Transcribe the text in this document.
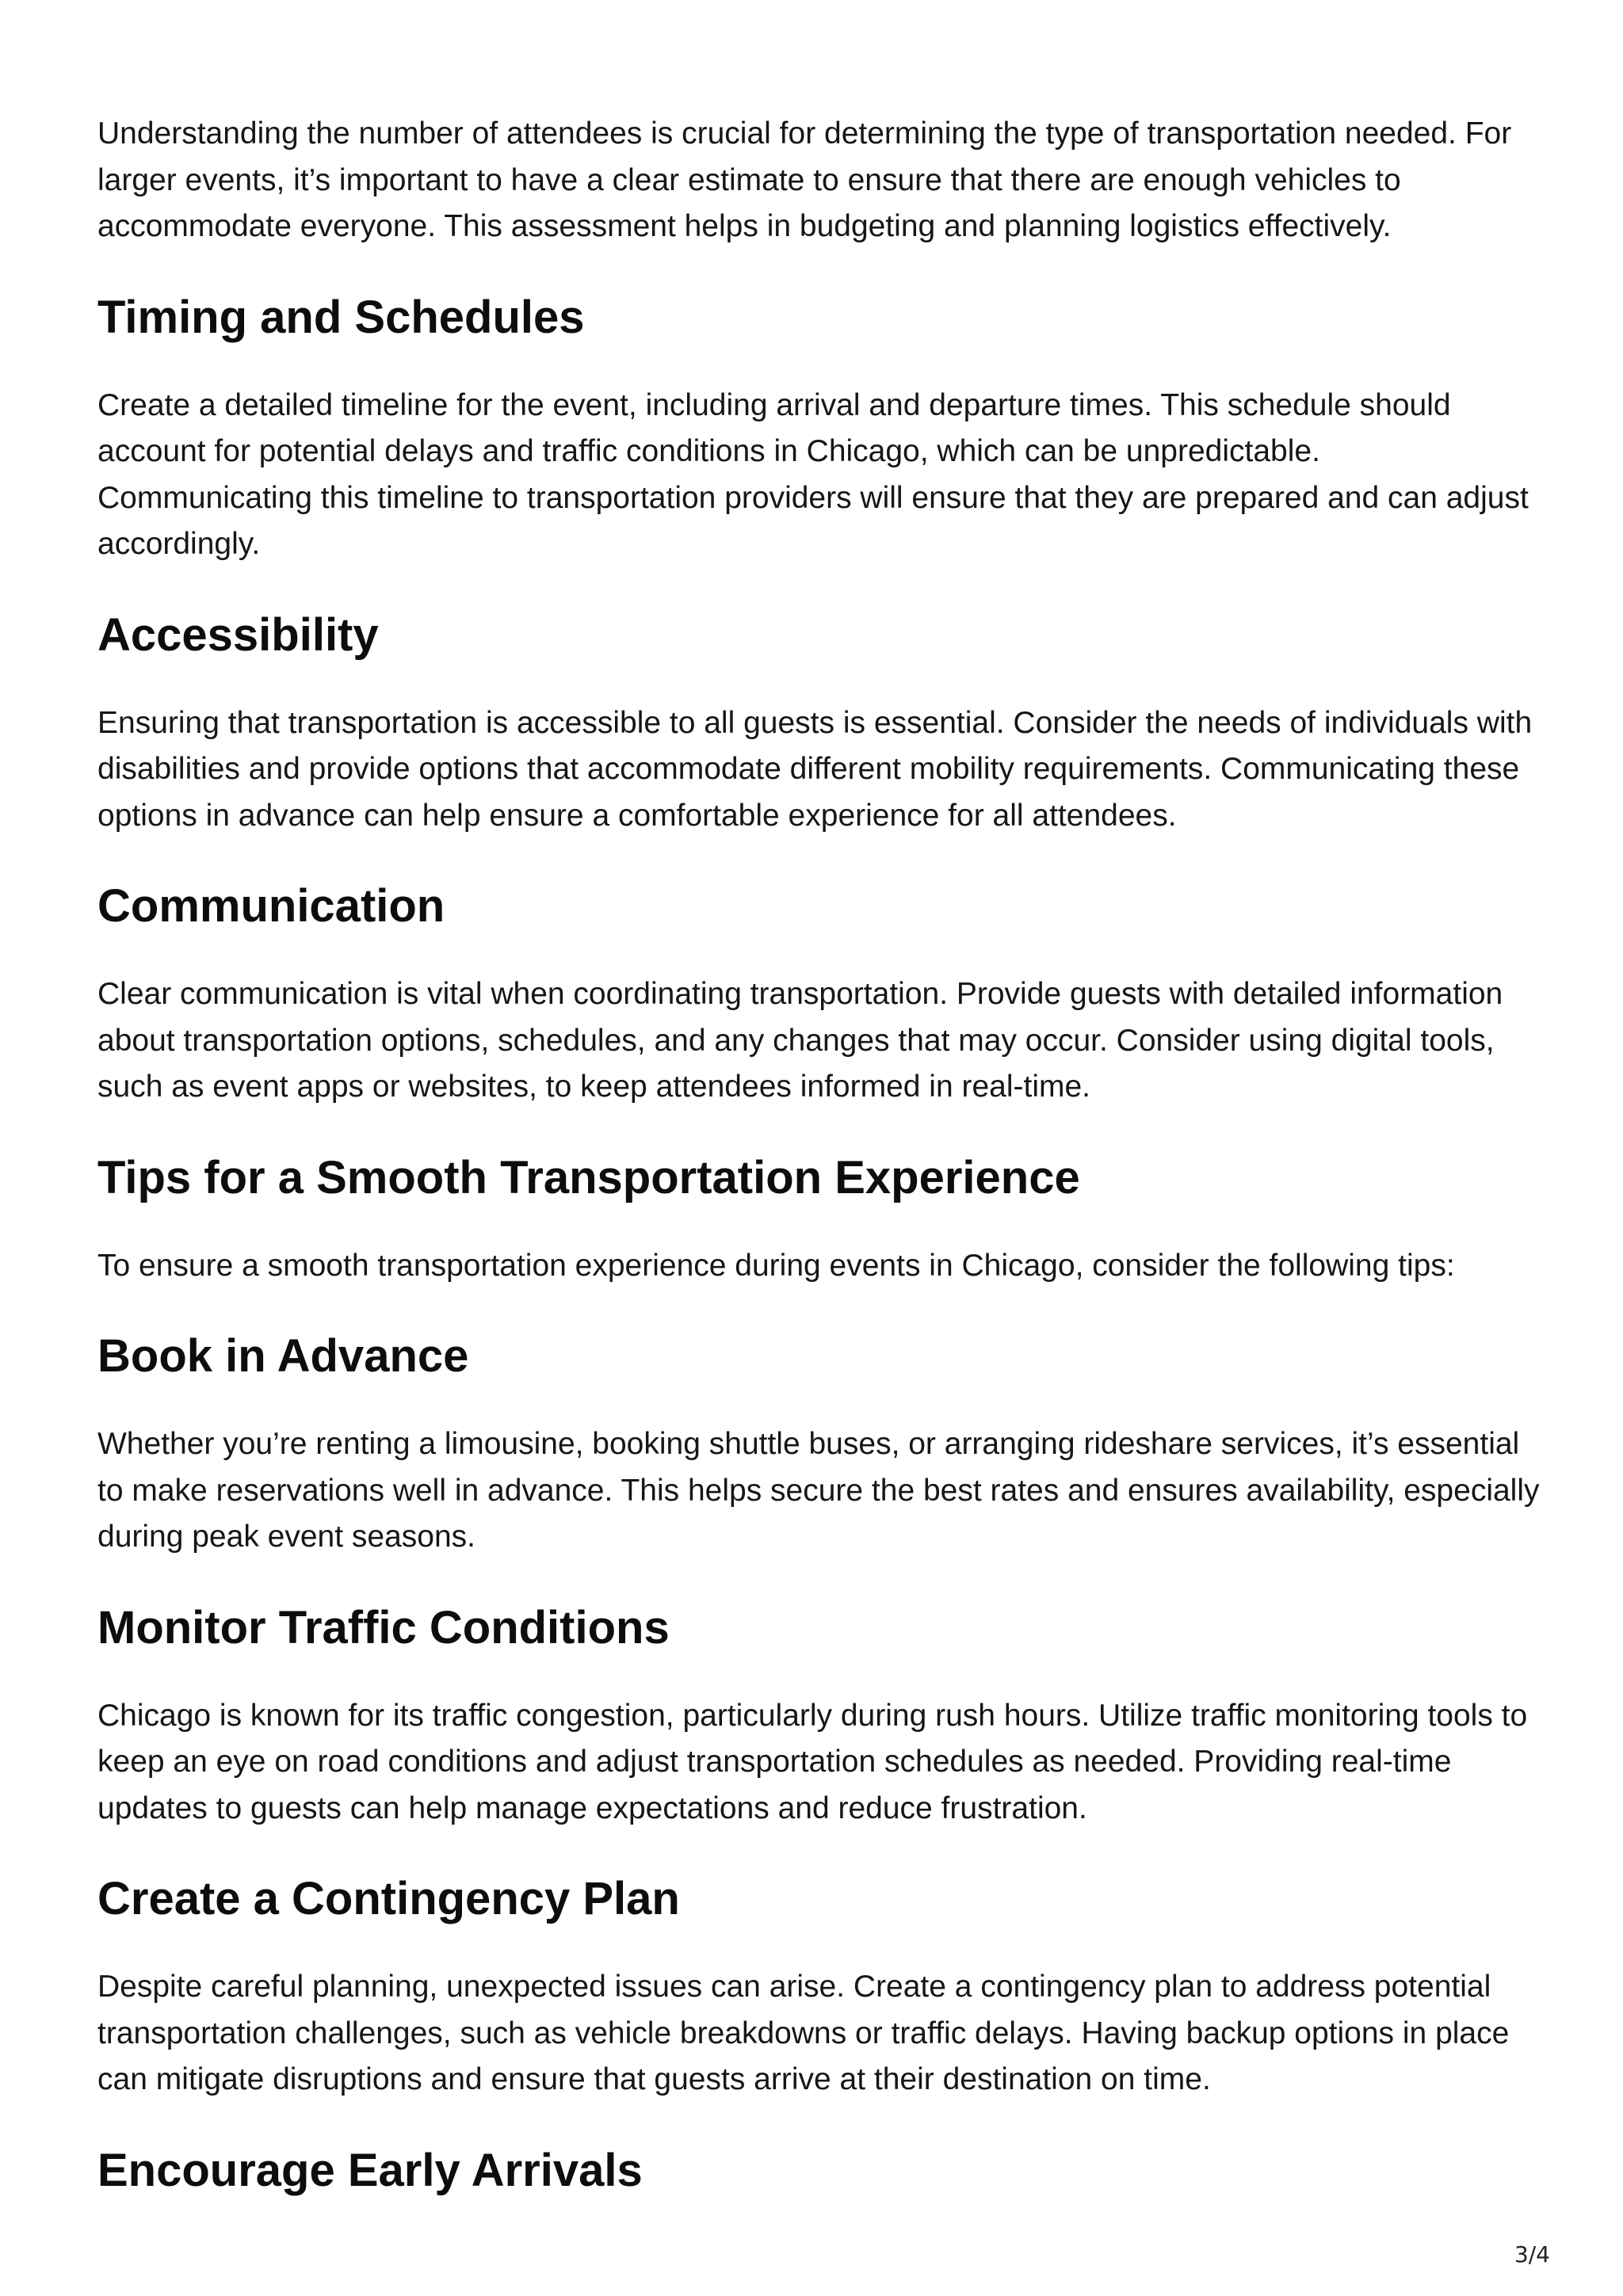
Understanding the number of attendees is crucial for determining the type of transportation needed. For larger events, it’s important to have a clear estimate to ensure that there are enough vehicles to accommodate everyone. This assessment helps in budgeting and planning logistics effectively.

Timing and Schedules

Create a detailed timeline for the event, including arrival and departure times. This schedule should account for potential delays and traffic conditions in Chicago, which can be unpredictable. Communicating this timeline to transportation providers will ensure that they are prepared and can adjust accordingly.

Accessibility

Ensuring that transportation is accessible to all guests is essential. Consider the needs of individuals with disabilities and provide options that accommodate different mobility requirements. Communicating these options in advance can help ensure a comfortable experience for all attendees.

Communication

Clear communication is vital when coordinating transportation. Provide guests with detailed information about transportation options, schedules, and any changes that may occur. Consider using digital tools, such as event apps or websites, to keep attendees informed in real-time.

Tips for a Smooth Transportation Experience

To ensure a smooth transportation experience during events in Chicago, consider the following tips:

Book in Advance

Whether you’re renting a limousine, booking shuttle buses, or arranging rideshare services, it’s essential to make reservations well in advance. This helps secure the best rates and ensures availability, especially during peak event seasons.

Monitor Traffic Conditions

Chicago is known for its traffic congestion, particularly during rush hours. Utilize traffic monitoring tools to keep an eye on road conditions and adjust transportation schedules as needed. Providing real-time updates to guests can help manage expectations and reduce frustration.

Create a Contingency Plan

Despite careful planning, unexpected issues can arise. Create a contingency plan to address potential transportation challenges, such as vehicle breakdowns or traffic delays. Having backup options in place can mitigate disruptions and ensure that guests arrive at their destination on time.

Encourage Early Arrivals
3/4
